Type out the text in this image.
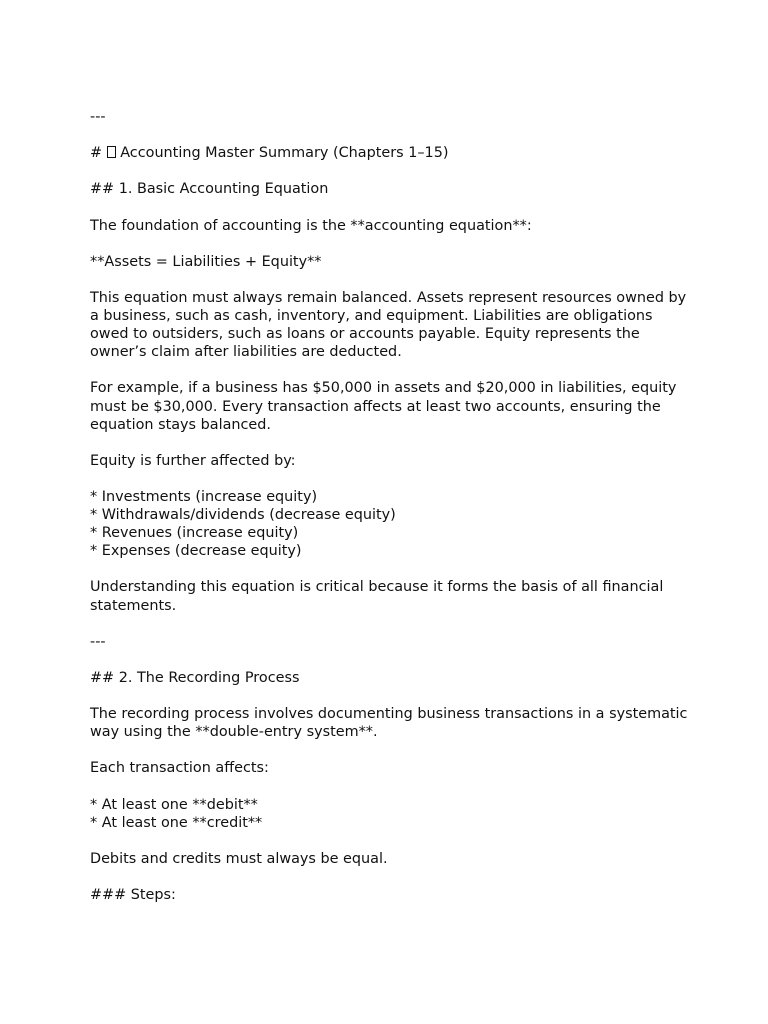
---

# Accounting Master Summary (Chapters 1–15)

## 1. Basic Accounting Equation

The foundation of accounting is the **accounting equation**:

**Assets = Liabilities + Equity**

This equation must always remain balanced. Assets represent resources owned by a business, such as cash, inventory, and equipment. Liabilities are obligations owed to outsiders, such as loans or accounts payable. Equity represents the owner’s claim after liabilities are deducted.

For example, if a business has $50,000 in assets and $20,000 in liabilities, equity must be $30,000. Every transaction affects at least two accounts, ensuring the equation stays balanced.

Equity is further affected by:

* Investments (increase equity)

* Withdrawals/dividends (decrease equity)

* Revenues (increase equity)

* Expenses (decrease equity)

Understanding this equation is critical because it forms the basis of all financial statements.

---

## 2. The Recording Process

The recording process involves documenting business transactions in a systematic way using the **double-entry system**.

Each transaction affects:

* At least one **debit**

* At least one **credit**

Debits and credits must always be equal.

### Steps:
